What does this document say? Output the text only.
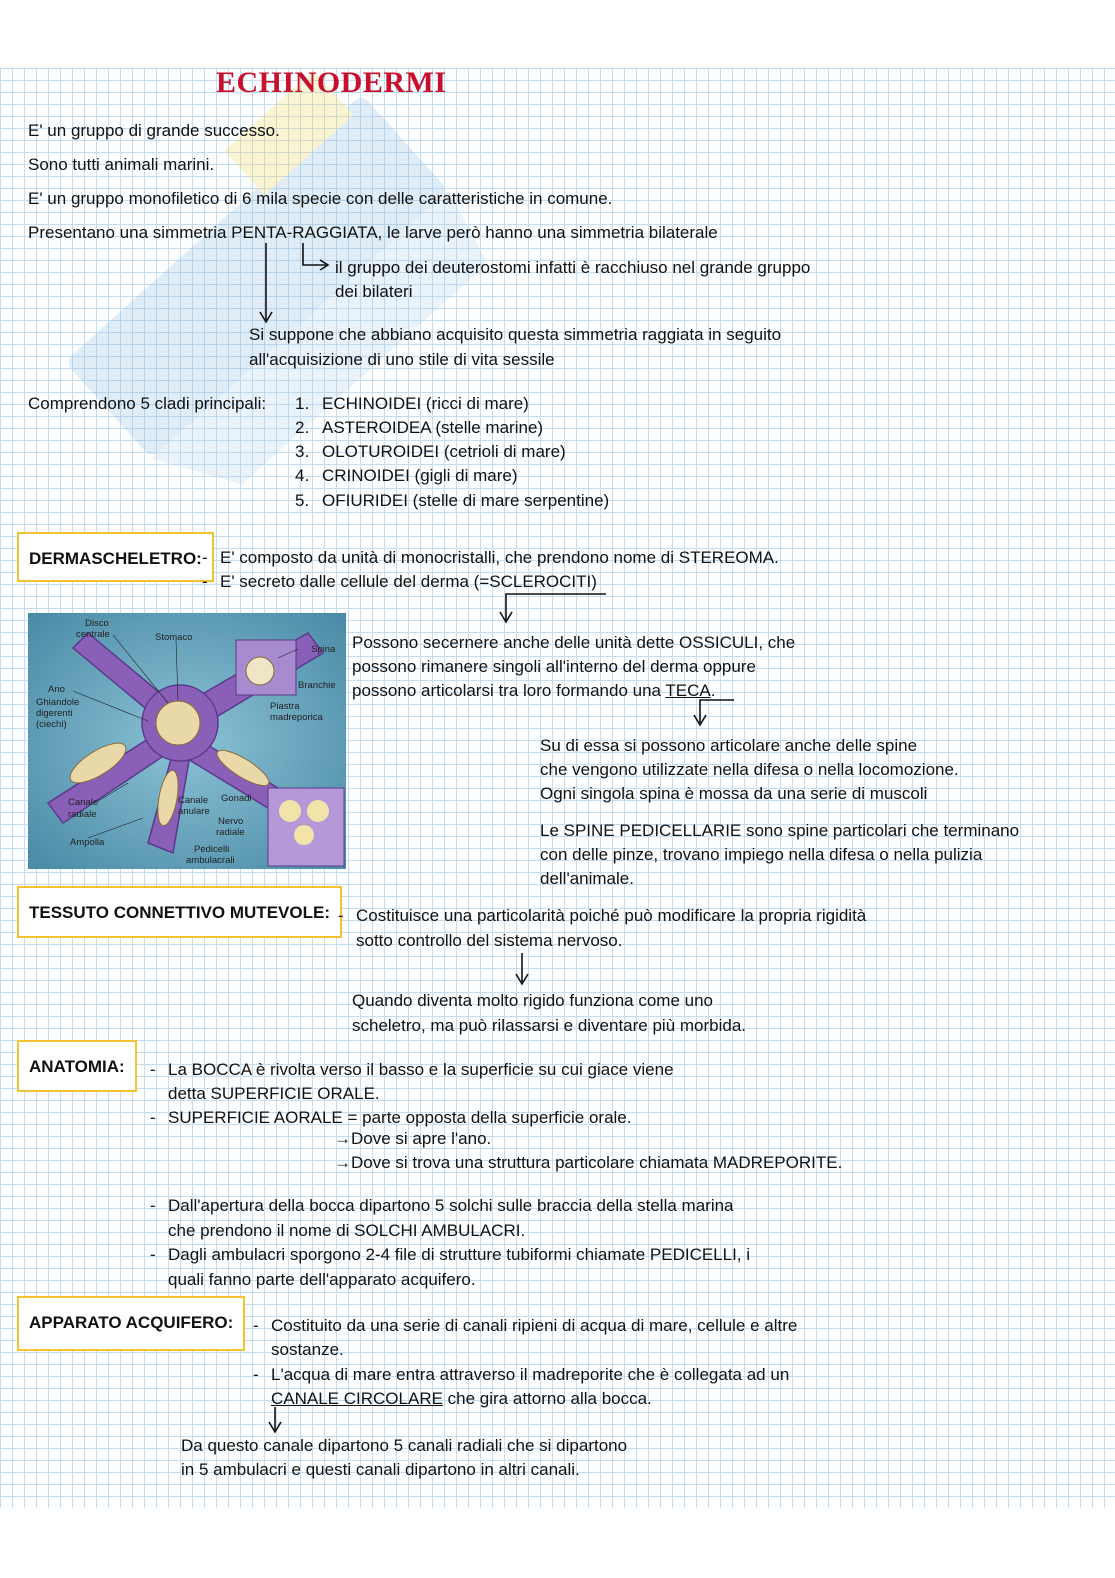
ECHINODERMI
E' un gruppo di grande successo.
Sono tutti animali marini.
E' un gruppo monofiletico di 6 mila specie con delle caratteristiche in comune.
Presentano una simmetria PENTA-RAGGIATA, le larve però hanno una simmetria bilaterale
il gruppo dei deuterostomi infatti è racchiuso nel grande gruppo
dei bilateri
Si suppone che abbiano acquisito questa simmetria raggiata in seguito
all'acquisizione di uno stile di vita sessile
Comprendono 5 cladi principali: 1. ECHINOIDEI (ricci di mare)
2. ASTEROIDEA (stelle marine)
3. OLOTUROIDEI (cetrioli di mare)
4. CRINOIDEI (gigli di mare)
5. OFIURIDEI (stelle di mare serpentine)
DERMASCHELETRO: - E' composto da unità di monocristalli, che prendono nome di STEREOMA.
- E' secreto dalle cellule del derma (=SCLEROCITI)
Disco
centrale	Stomaco
Spina
Branchie
Ano
Ghiandole
digerenti
(ciechi)
Piastra
madreporica
Canale
radiale
Canale
anulare
Gonadi
Nervo
radiale
Ampolla
Pedicelli
ambulacrali
Possono secernere anche delle unità dette OSSICULI, che
possono rimanere singoli all'interno del derma oppure
possono articolarsi tra loro formando una TECA.
Su di essa si possono articolare anche delle spine
che vengono utilizzate nella difesa o nella locomozione.
Ogni singola spina è mossa da una serie di muscoli
Le SPINE PEDICELLARIE sono spine particolari che terminano
con delle pinze, trovano impiego nella difesa o nella pulizia
dell'animale.
TESSUTO CONNETTIVO MUTEVOLE: - Costituisce una particolarità poiché può modificare la propria rigidità
sotto controllo del sistema nervoso.
Quando diventa molto rigido funziona come uno
scheletro, ma può rilassarsi e diventare più morbida.
ANATOMIA:	- La BOCCA è rivolta verso il basso e la superficie su cui giace viene
detta SUPERFICIE ORALE.
- SUPERFICIE AORALE = parte opposta della superficie orale.
→Dove si apre l'ano.
→Dove si trova una struttura particolare chiamata MADREPORITE.
- Dall'apertura della bocca dipartono 5 solchi sulle braccia della stella marina
che prendono il nome di SOLCHI AMBULACRI.
- Dagli ambulacri sporgono 2-4 file di strutture tubiformi chiamate PEDICELLI, i
quali fanno parte dell'apparato acquifero.
APPARATO ACQUIFERO:	- Costituito da una serie di canali ripieni di acqua di mare, cellule e altre
sostanze.
- L'acqua di mare entra attraverso il madreporite che è collegata ad un
CANALE CIRCOLARE che gira attorno alla bocca.
Da questo canale dipartono 5 canali radiali che si dipartono
in 5 ambulacri e questi canali dipartono in altri canali.
